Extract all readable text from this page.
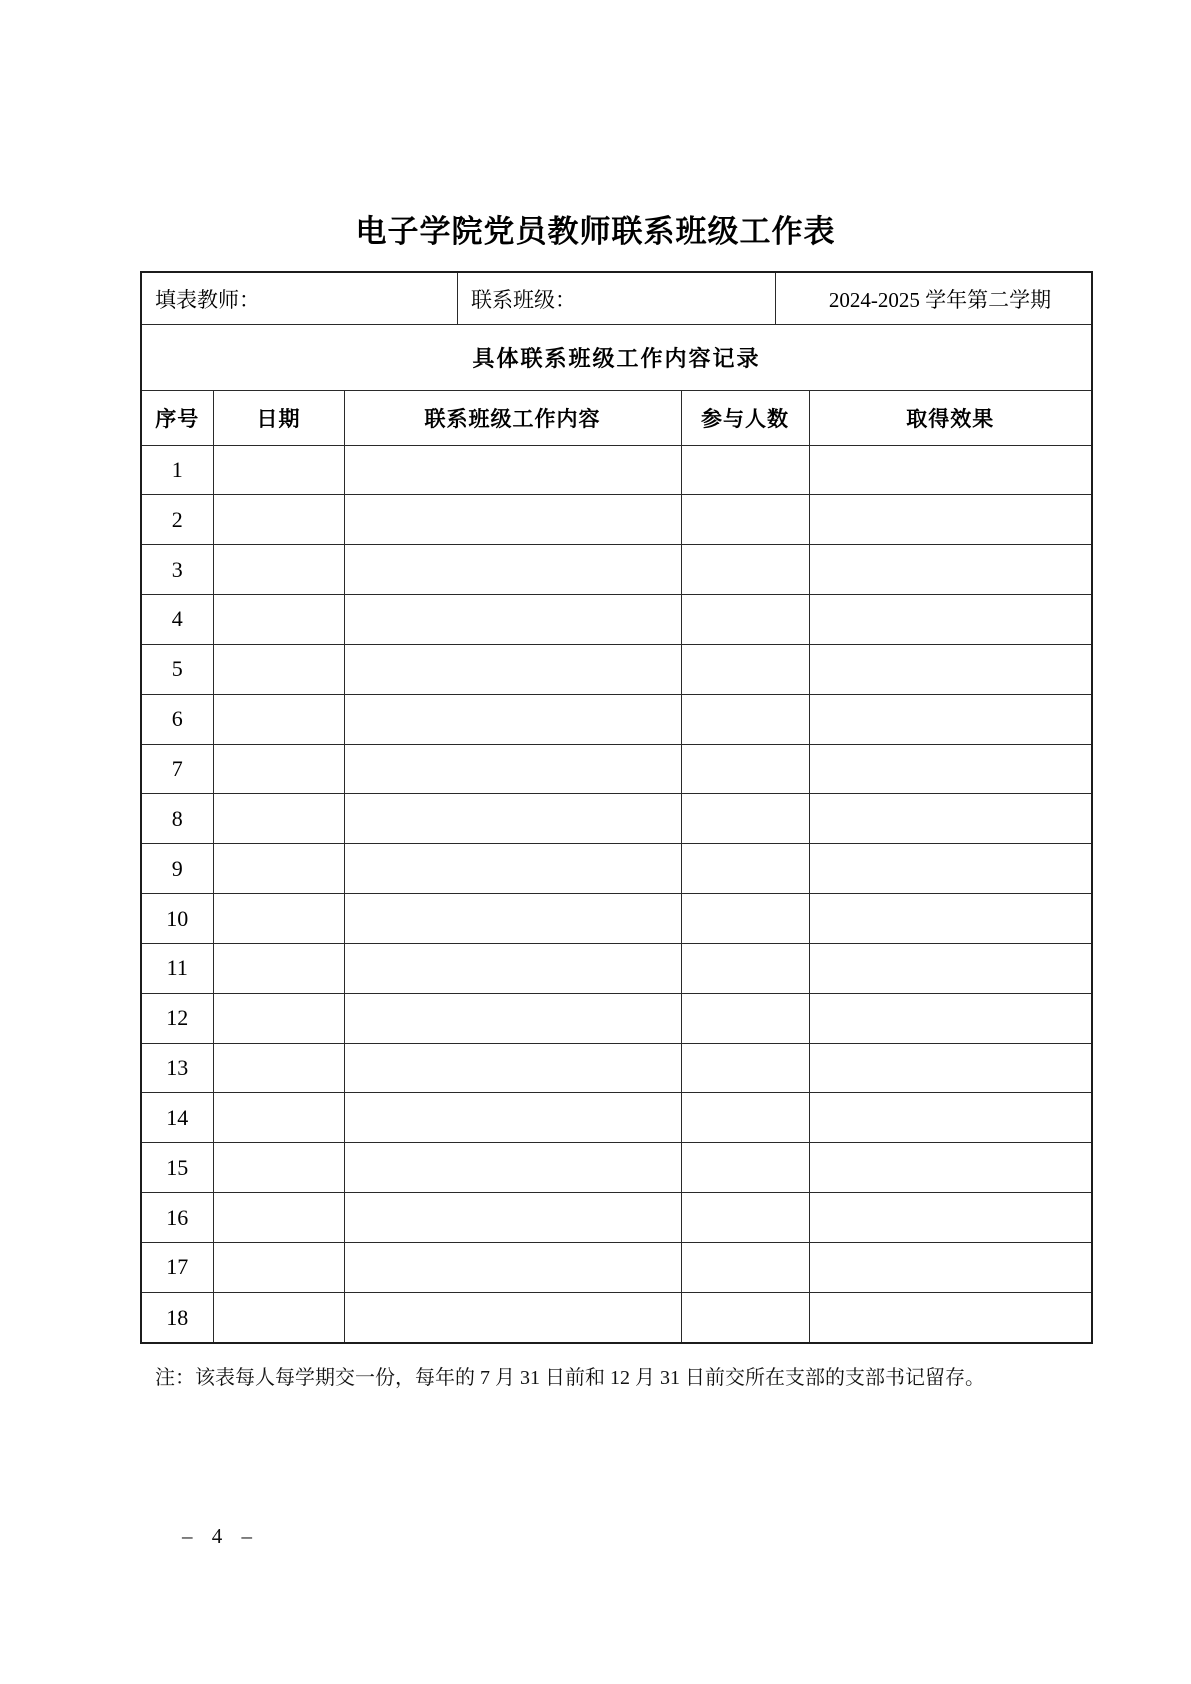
电子学院党员教师联系班级工作表
填表教师：	联系班级：	2024-2025 学年第二学期
具体联系班级工作内容记录
序号	日期	联系班级工作内容	参与人数	取得效果
1				
2				
3				
4				
5				
6				
7				
8				
9				
10				
11				
12				
13				
14				
15				
16				
17				
18				

注：该表每人每学期交一份，每年的 7 月 31 日前和 12 月 31 日前交所在支部的支部书记留存。

– 4 –
